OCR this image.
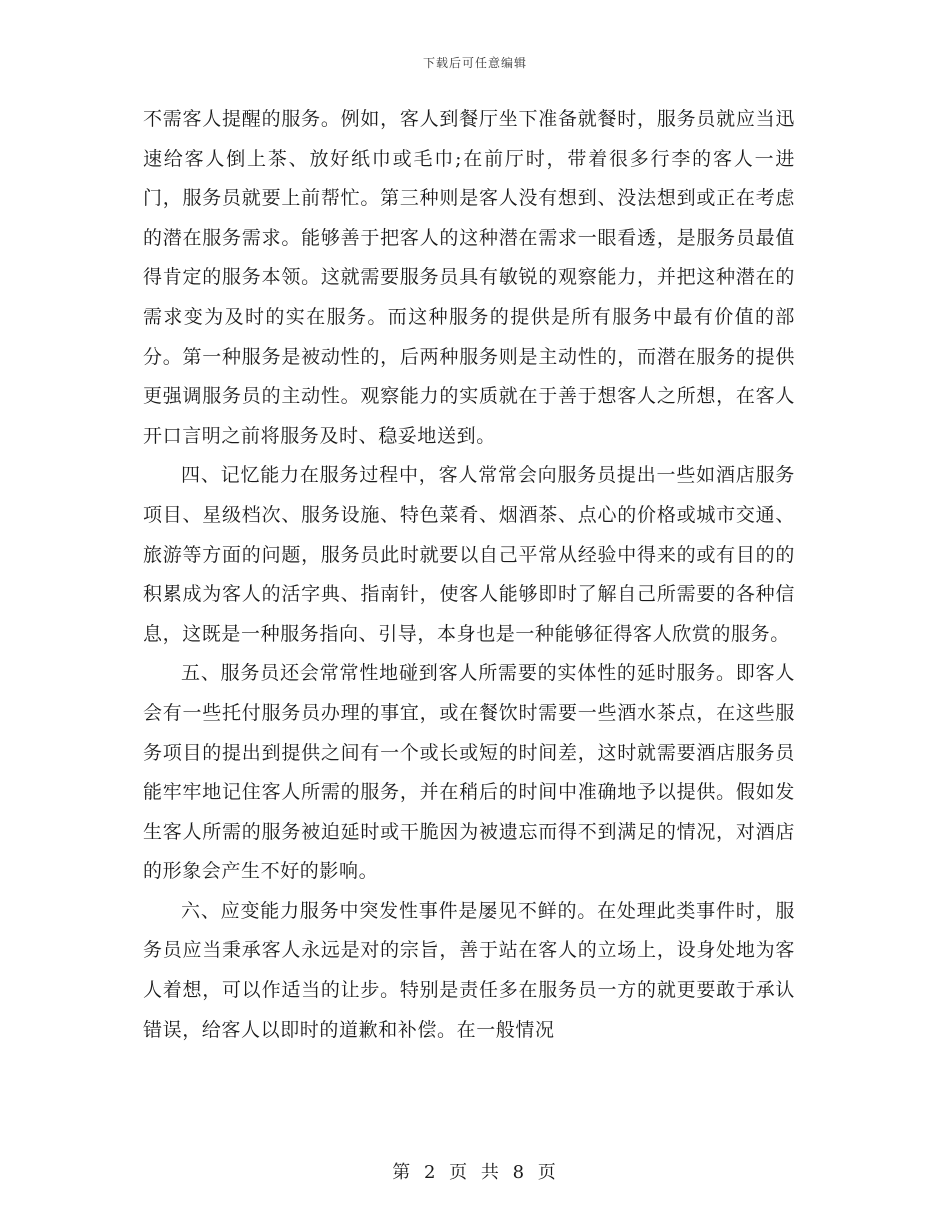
下载后可任意编辑

不需客人提醒的服务。例如，客人到餐厅坐下准备就餐时，服务员就应当迅速给客人倒上茶、放好纸巾或毛巾;在前厅时，带着很多行李的客人一进门，服务员就要上前帮忙。第三种则是客人没有想到、没法想到或正在考虑的潜在服务需求。能够善于把客人的这种潜在需求一眼看透，是服务员最值得肯定的服务本领。这就需要服务员具有敏锐的观察能力，并把这种潜在的需求变为及时的实在服务。而这种服务的提供是所有服务中最有价值的部分。第一种服务是被动性的，后两种服务则是主动性的，而潜在服务的提供更强调服务员的主动性。观察能力的实质就在于善于想客人之所想，在客人开口言明之前将服务及时、稳妥地送到。

四、记忆能力在服务过程中，客人常常会向服务员提出一些如酒店服务项目、星级档次、服务设施、特色菜肴、烟酒茶、点心的价格或城市交通、旅游等方面的问题，服务员此时就要以自己平常从经验中得来的或有目的的积累成为客人的活字典、指南针，使客人能够即时了解自己所需要的各种信息，这既是一种服务指向、引导，本身也是一种能够征得客人欣赏的服务。

五、服务员还会常常性地碰到客人所需要的实体性的延时服务。即客人会有一些托付服务员办理的事宜，或在餐饮时需要一些酒水茶点，在这些服务项目的提出到提供之间有一个或长或短的时间差，这时就需要酒店服务员能牢牢地记住客人所需的服务，并在稍后的时间中准确地予以提供。假如发生客人所需的服务被迫延时或干脆因为被遗忘而得不到满足的情况，对酒店的形象会产生不好的影响。

六、应变能力服务中突发性事件是屡见不鲜的。在处理此类事件时，服务员应当秉承客人永远是对的宗旨，善于站在客人的立场上，设身处地为客人着想，可以作适当的让步。特别是责任多在服务员一方的就更要敢于承认错误，给客人以即时的道歉和补偿。在一般情况

第 2 页 共 8 页
